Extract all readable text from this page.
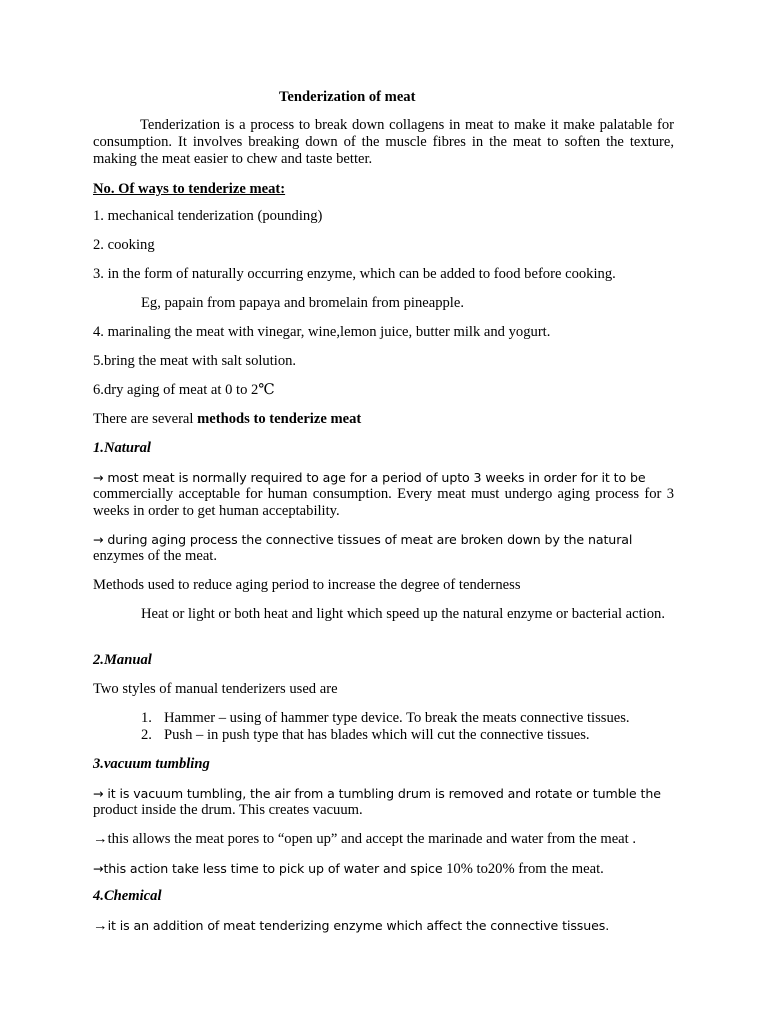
Tenderization of meat
Tenderization is a process to break down collagens in meat to make it make palatable for consumption. It involves breaking down of the muscle fibres in the meat to soften the texture, making the meat easier to chew and taste better.
No. Of ways to tenderize meat:
1. mechanical tenderization (pounding)
2. cooking
3. in the form of naturally occurring enzyme, which can be added to food before cooking.
Eg, papain from papaya and bromelain from pineapple.
4. marinaling the meat with vinegar, wine,lemon juice, butter milk and yogurt.
5.bring the meat with salt solution.
6.dry aging of meat at 0 to 2℃
There are several methods to tenderize meat
1.Natural
→ most meat is normally required to age for a period of upto 3 weeks in order for it to be
commercially acceptable for human consumption. Every meat must undergo aging process for 3 weeks in order to get human acceptability.
→ during aging process the connective tissues of meat are broken down by the natural
enzymes of the meat.
Methods used to reduce aging period to increase the degree of tenderness
Heat or light or both heat and light which speed up the natural enzyme or bacterial action.
2.Manual
Two styles of manual tenderizers used are
1. Hammer – using of hammer type device. To break the meats connective tissues.
2. Push – in push type that has blades which will cut the connective tissues.
3.vacuum tumbling
→ it is vacuum tumbling, the air from a tumbling drum is removed and rotate or tumble the
product inside the drum. This creates vacuum.
→this allows the meat pores to “open up” and accept the marinade and water from the meat .
→this action take less time to pick up of water and spice 10% to20% from the meat.
4.Chemical
→it is an addition of meat tenderizing enzyme which affect the connective tissues.
